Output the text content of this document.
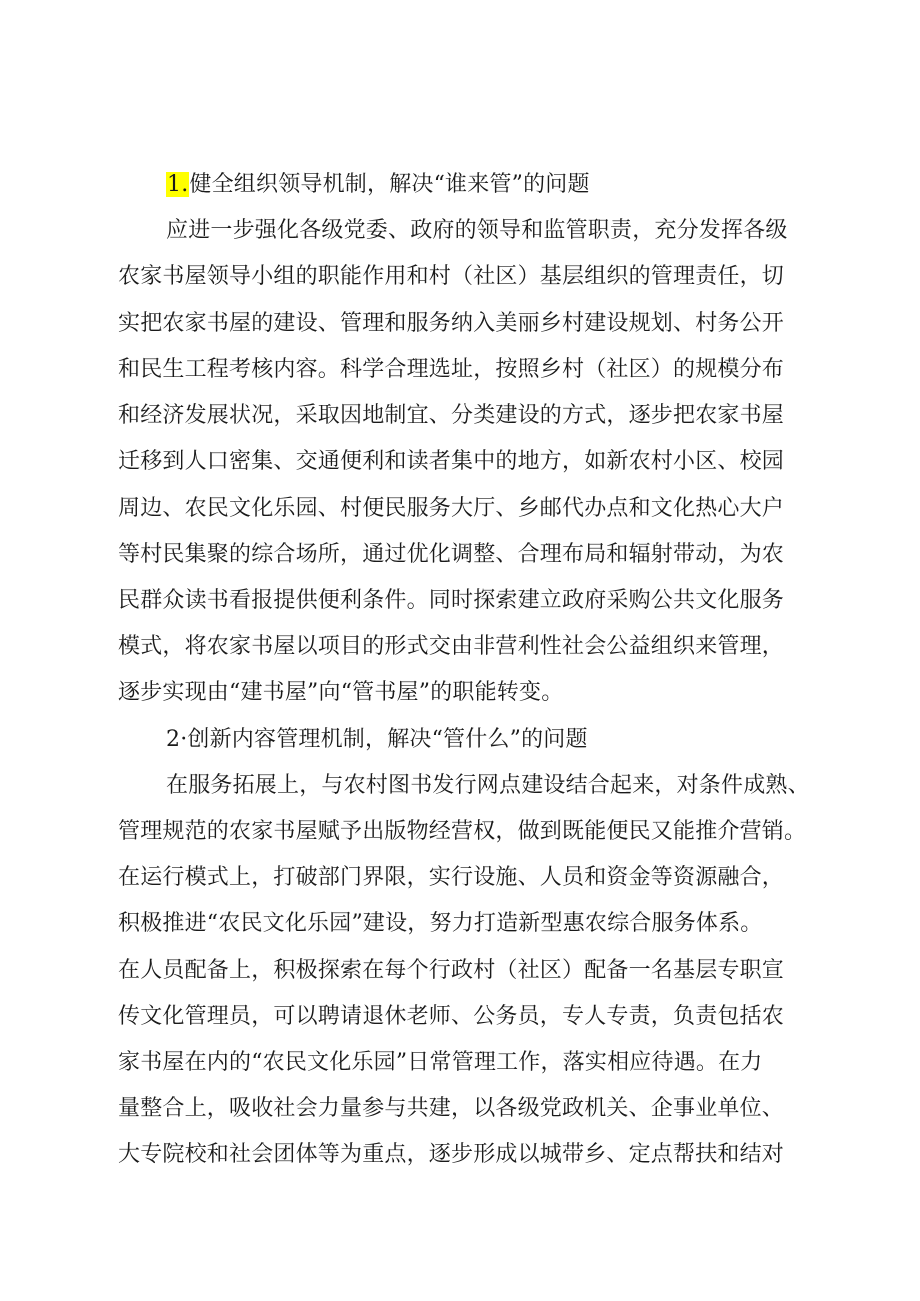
1.健全组织领导机制，解决“谁来管”的问题
应进一步强化各级党委、政府的领导和监管职责，充分发挥各级
农家书屋领导小组的职能作用和村（社区）基层组织的管理责任，切
实把农家书屋的建设、管理和服务纳入美丽乡村建设规划、村务公开
和民生工程考核内容。科学合理选址，按照乡村（社区）的规模分布
和经济发展状况，采取因地制宜、分类建设的方式，逐步把农家书屋
迁移到人口密集、交通便利和读者集中的地方，如新农村小区、校园
周边、农民文化乐园、村便民服务大厅、乡邮代办点和文化热心大户
等村民集聚的综合场所，通过优化调整、合理布局和辐射带动，为农
民群众读书看报提供便利条件。同时探索建立政府采购公共文化服务
模式，将农家书屋以项目的形式交由非营利性社会公益组织来管理，
逐步实现由“建书屋”向“管书屋”的职能转变。
2·创新内容管理机制，解决“管什么”的问题
在服务拓展上，与农村图书发行网点建设结合起来，对条件成熟、
管理规范的农家书屋赋予出版物经营权，做到既能便民又能推介营销。
在运行模式上，打破部门界限，实行设施、人员和资金等资源融合，
积极推进“农民文化乐园”建设，努力打造新型惠农综合服务体系。
在人员配备上，积极探索在每个行政村（社区）配备一名基层专职宣
传文化管理员，可以聘请退休老师、公务员，专人专责，负责包括农
家书屋在内的“农民文化乐园”日常管理工作，落实相应待遇。在力
量整合上，吸收社会力量参与共建，以各级党政机关、企事业单位、
大专院校和社会团体等为重点，逐步形成以城带乡、定点帮扶和结对
